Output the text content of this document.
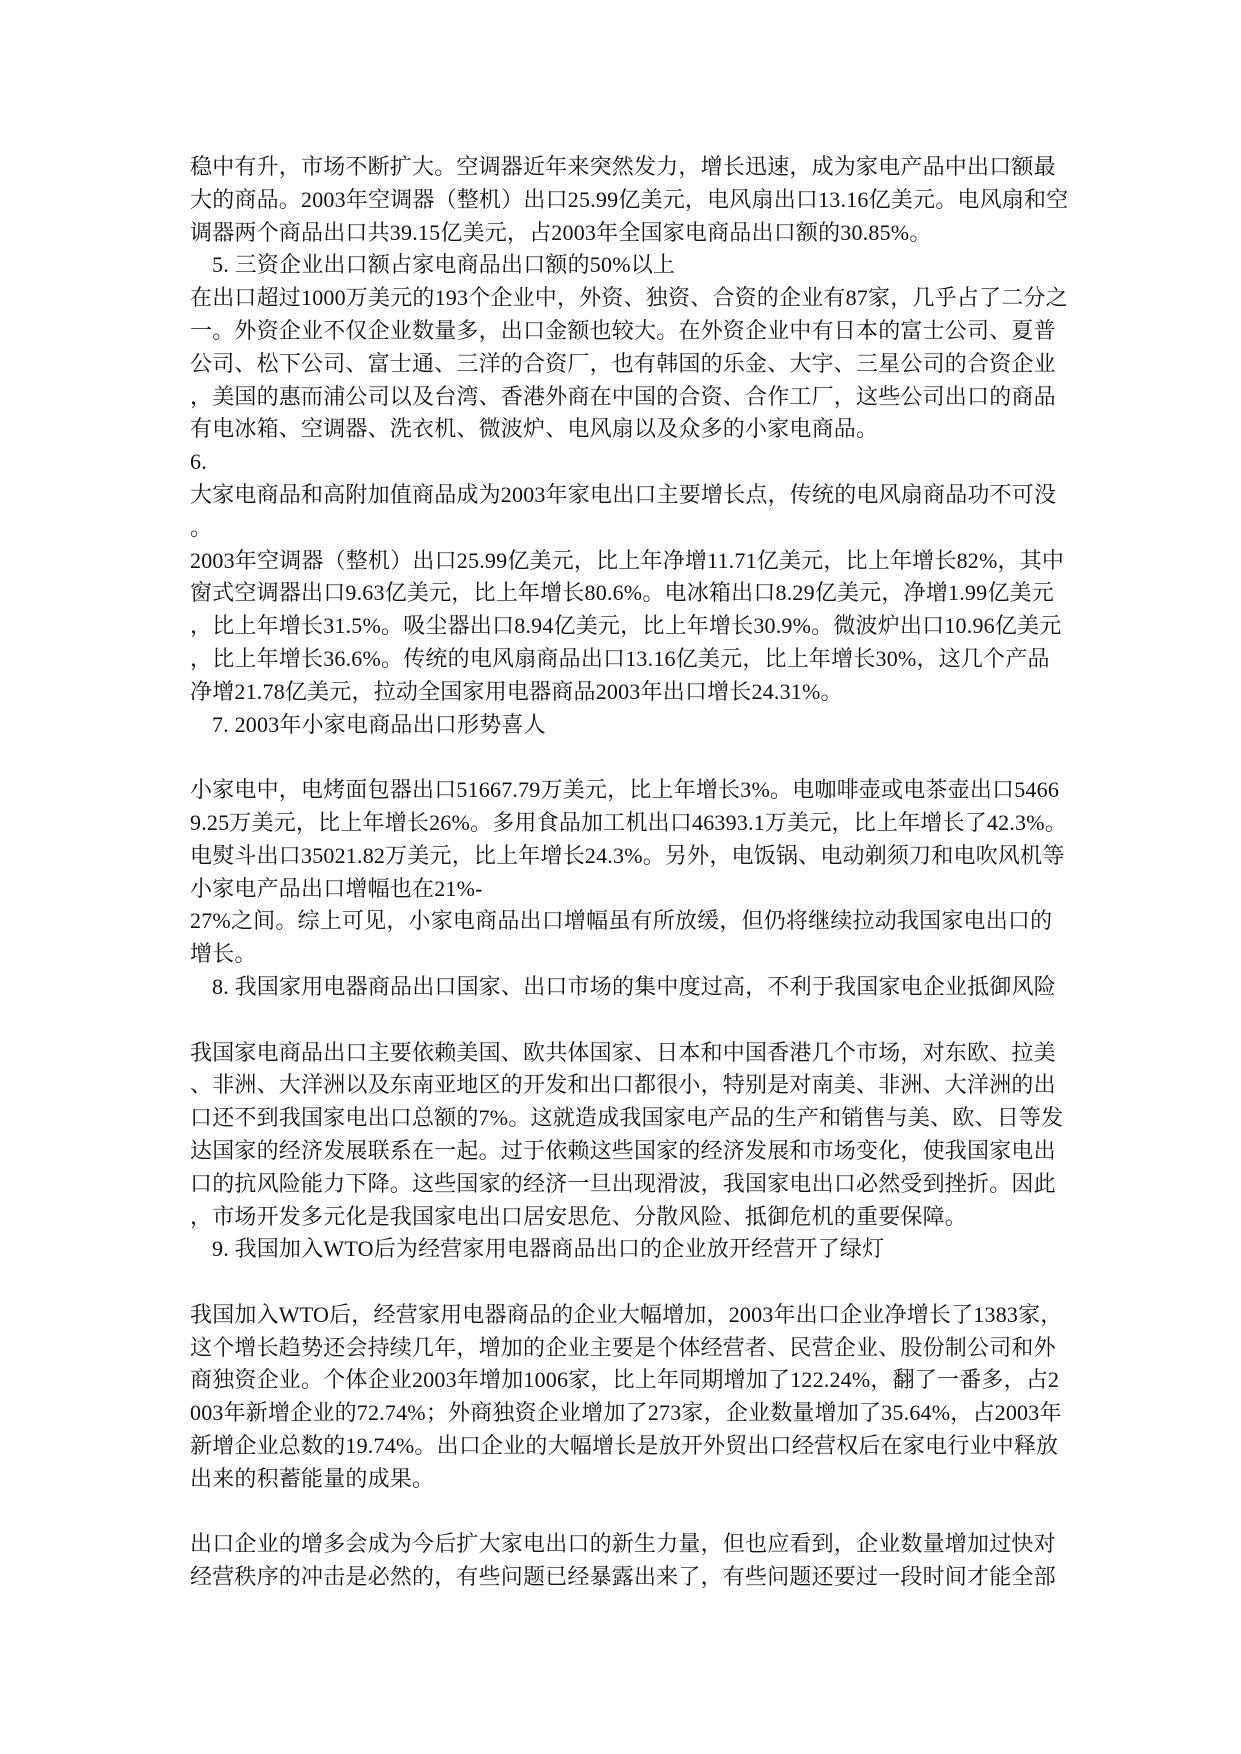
稳中有升，市场不断扩大。空调器近年来突然发力，增长迅速，成为家电产品中出口额最
大的商品。2003年空调器（整机）出口25.99亿美元，电风扇出口13.16亿美元。电风扇和空
调器两个商品出口共39.15亿美元，占2003年全国家电商品出口额的30.85%。
5. 三资企业出口额占家电商品出口额的50%以上
在出口超过1000万美元的193个企业中，外资、独资、合资的企业有87家，几乎占了二分之
一。外资企业不仅企业数量多，出口金额也较大。在外资企业中有日本的富士公司、夏普
公司、松下公司、富士通、三洋的合资厂，也有韩国的乐金、大宇、三星公司的合资企业
，美国的惠而浦公司以及台湾、香港外商在中国的合资、合作工厂，这些公司出口的商品
有电冰箱、空调器、洗衣机、微波炉、电风扇以及众多的小家电商品。
6.
大家电商品和高附加值商品成为2003年家电出口主要增长点，传统的电风扇商品功不可没
。
2003年空调器（整机）出口25.99亿美元，比上年净增11.71亿美元，比上年增长82%，其中
窗式空调器出口9.63亿美元，比上年增长80.6%。电冰箱出口8.29亿美元，净增1.99亿美元
，比上年增长31.5%。吸尘器出口8.94亿美元，比上年增长30.9%。微波炉出口10.96亿美元
，比上年增长36.6%。传统的电风扇商品出口13.16亿美元，比上年增长30%，这几个产品
净增21.78亿美元，拉动全国家用电器商品2003年出口增长24.31%。
7. 2003年小家电商品出口形势喜人
小家电中，电烤面包器出口51667.79万美元，比上年增长3%。电咖啡壶或电茶壶出口5466
9.25万美元，比上年增长26%。多用食品加工机出口46393.1万美元，比上年增长了42.3%。
电熨斗出口35021.82万美元，比上年增长24.3%。另外，电饭锅、电动剃须刀和电吹风机等
小家电产品出口增幅也在21%-
27%之间。综上可见，小家电商品出口增幅虽有所放缓，但仍将继续拉动我国家电出口的
增长。
8. 我国家用电器商品出口国家、出口市场的集中度过高，不利于我国家电企业抵御风险
我国家电商品出口主要依赖美国、欧共体国家、日本和中国香港几个市场，对东欧、拉美
、非洲、大洋洲以及东南亚地区的开发和出口都很小，特别是对南美、非洲、大洋洲的出
口还不到我国家电出口总额的7%。这就造成我国家电产品的生产和销售与美、欧、日等发
达国家的经济发展联系在一起。过于依赖这些国家的经济发展和市场变化，使我国家电出
口的抗风险能力下降。这些国家的经济一旦出现滑波，我国家电出口必然受到挫折。因此
，市场开发多元化是我国家电出口居安思危、分散风险、抵御危机的重要保障。
9. 我国加入WTO后为经营家用电器商品出口的企业放开经营开了绿灯
我国加入WTO后，经营家用电器商品的企业大幅增加，2003年出口企业净增长了1383家，
这个增长趋势还会持续几年，增加的企业主要是个体经营者、民营企业、股份制公司和外
商独资企业。个体企业2003年增加1006家，比上年同期增加了122.24%，翻了一番多，占2
003年新增企业的72.74%；外商独资企业增加了273家，企业数量增加了35.64%，占2003年
新增企业总数的19.74%。出口企业的大幅增长是放开外贸出口经营权后在家电行业中释放
出来的积蓄能量的成果。
出口企业的增多会成为今后扩大家电出口的新生力量，但也应看到，企业数量增加过快对
经营秩序的冲击是必然的，有些问题已经暴露出来了，有些问题还要过一段时间才能全部
